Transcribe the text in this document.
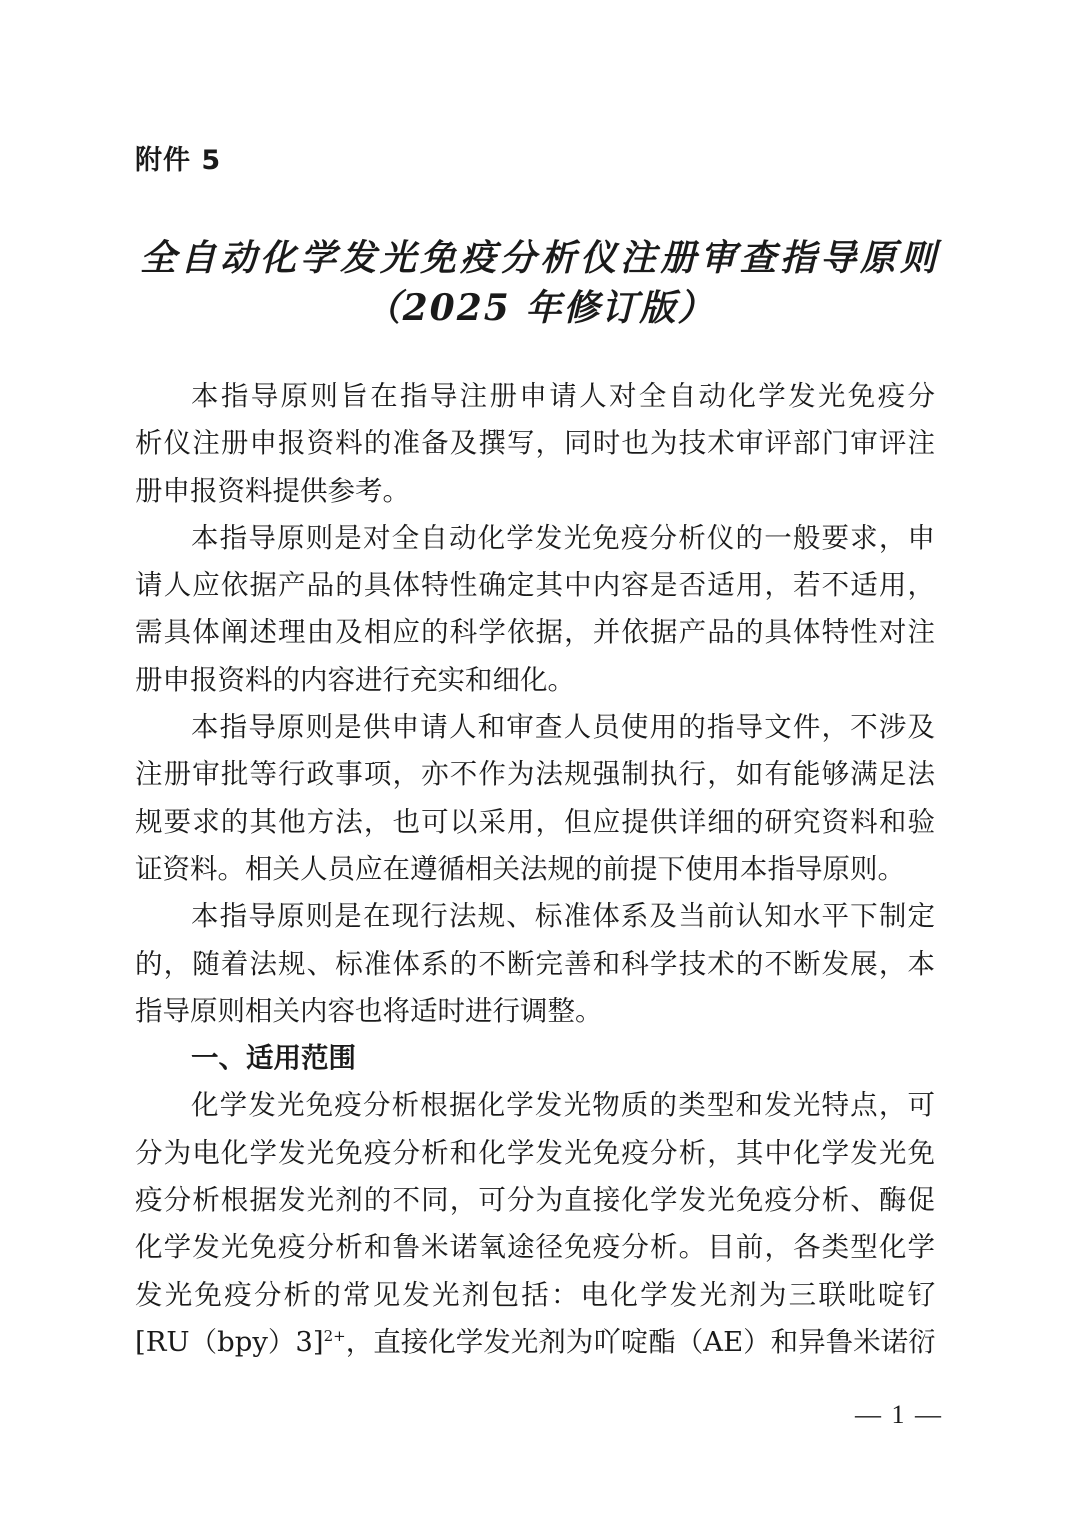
附件 5
全自动化学发光免疫分析仪注册审查指导原则
（2025 年修订版）

本指导原则旨在指导注册申请人对全自动化学发光免疫分
析仪注册申报资料的准备及撰写，同时也为技术审评部门审评注
册申报资料提供参考。

本指导原则是对全自动化学发光免疫分析仪的一般要求，申
请人应依据产品的具体特性确定其中内容是否适用，若不适用，
需具体阐述理由及相应的科学依据，并依据产品的具体特性对注
册申报资料的内容进行充实和细化。

本指导原则是供申请人和审查人员使用的指导文件，不涉及
注册审批等行政事项，亦不作为法规强制执行，如有能够满足法
规要求的其他方法，也可以采用，但应提供详细的研究资料和验
证资料。相关人员应在遵循相关法规的前提下使用本指导原则。

本指导原则是在现行法规、标准体系及当前认知水平下制定
的，随着法规、标准体系的不断完善和科学技术的不断发展，本
指导原则相关内容也将适时进行调整。

一、适用范围

化学发光免疫分析根据化学发光物质的类型和发光特点，可
分为电化学发光免疫分析和化学发光免疫分析，其中化学发光免
疫分析根据发光剂的不同，可分为直接化学发光免疫分析、酶促
化学发光免疫分析和鲁米诺氧途径免疫分析。目前，各类型化学
发光免疫分析的常见发光剂包括：电化学发光剂为三联吡啶钌
$[RU(bpy)3]^{2+}$，直接化学发光剂为吖啶酯（AE）和异鲁米诺衍

— 1 —
